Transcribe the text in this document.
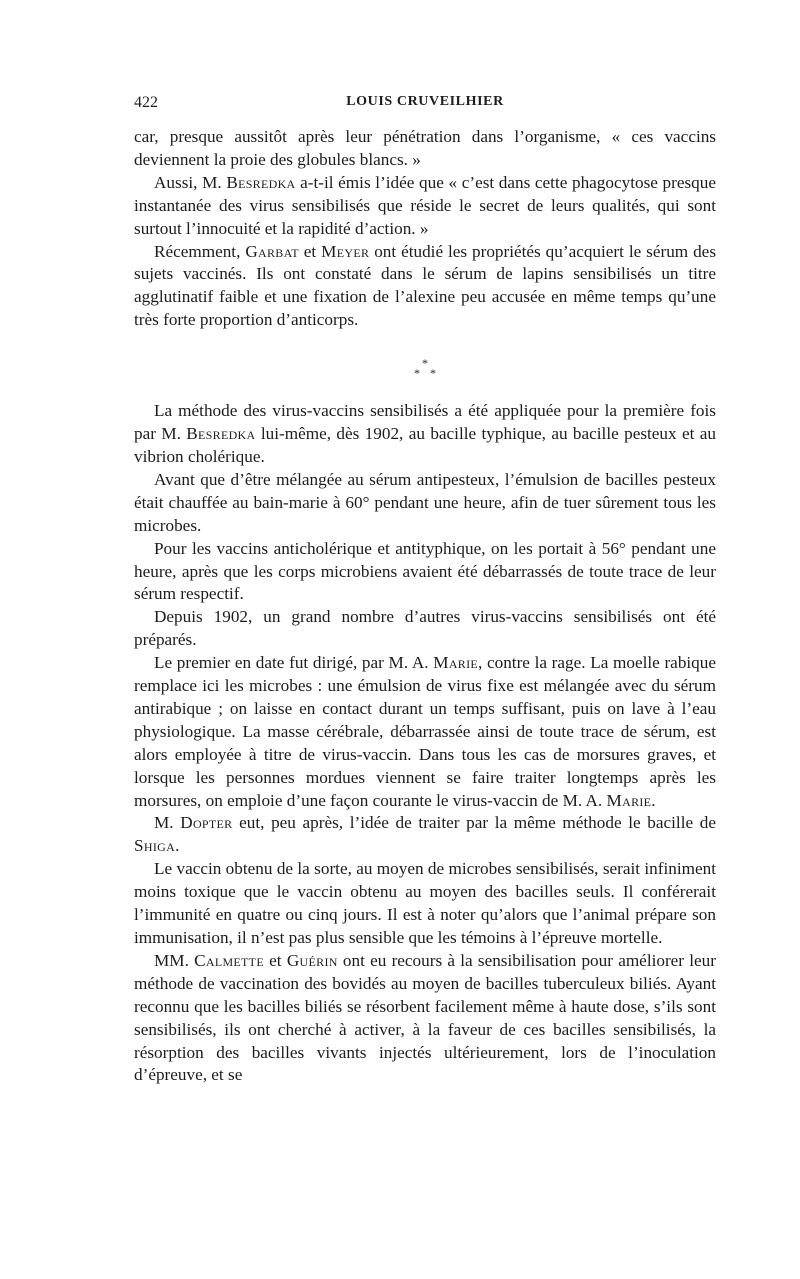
422	LOUIS CRUVEILHIER

car, presque aussitôt après leur pénétration dans l’organisme, « ces vaccins deviennent la proie des globules blancs. »

Aussi, M. Besredka a-t-il émis l’idée que « c’est dans cette phagocytose presque instantanée des virus sensibilisés que réside le secret de leurs qualités, qui sont surtout l’innocuité et la rapidité d’action. »

Récemment, Garbat et Meyer ont étudié les propriétés qu’acquiert le sérum des sujets vaccinés. Ils ont constaté dans le sérum de lapins sensibilisés un titre agglutinatif faible et une fixation de l’alexine peu accusée en même temps qu’une très forte proportion d’anticorps.

*
* *

La méthode des virus-vaccins sensibilisés a été appliquée pour la première fois par M. Besredka lui-même, dès 1902, au bacille typhique, au bacille pesteux et au vibrion cholérique.

Avant que d’être mélangée au sérum antipesteux, l’émulsion de bacilles pesteux était chauffée au bain-marie à 60° pendant une heure, afin de tuer sûrement tous les microbes.

Pour les vaccins anticholérique et antityphique, on les portait à 56° pendant une heure, après que les corps microbiens avaient été débarrassés de toute trace de leur sérum respectif.

Depuis 1902, un grand nombre d’autres virus-vaccins sensibilisés ont été préparés.

Le premier en date fut dirigé, par M. A. Marie, contre la rage. La moelle rabique remplace ici les microbes : une émulsion de virus fixe est mélangée avec du sérum antirabique ; on laisse en contact durant un temps suffisant, puis on lave à l’eau physiologique. La masse cérébrale, débarrassée ainsi de toute trace de sérum, est alors employée à titre de virus-vaccin. Dans tous les cas de morsures graves, et lorsque les personnes mordues viennent se faire traiter longtemps après les morsures, on emploie d’une façon courante le virus-vaccin de M. A. Marie.

M. Dopter eut, peu après, l’idée de traiter par la même méthode le bacille de Shiga.

Le vaccin obtenu de la sorte, au moyen de microbes sensibilisés, serait infiniment moins toxique que le vaccin obtenu au moyen des bacilles seuls. Il conférerait l’immunité en quatre ou cinq jours. Il est à noter qu’alors que l’animal prépare son immunisation, il n’est pas plus sensible que les témoins à l’épreuve mortelle.

MM. Calmette et Guérin ont eu recours à la sensibilisation pour améliorer leur méthode de vaccination des bovidés au moyen de bacilles tuberculeux biliés. Ayant reconnu que les bacilles biliés se résorbent facilement même à haute dose, s’ils sont sensibilisés, ils ont cherché à activer, à la faveur de ces bacilles sensibilisés, la résorption des bacilles vivants injectés ultérieurement, lors de l’inoculation d’épreuve, et se
